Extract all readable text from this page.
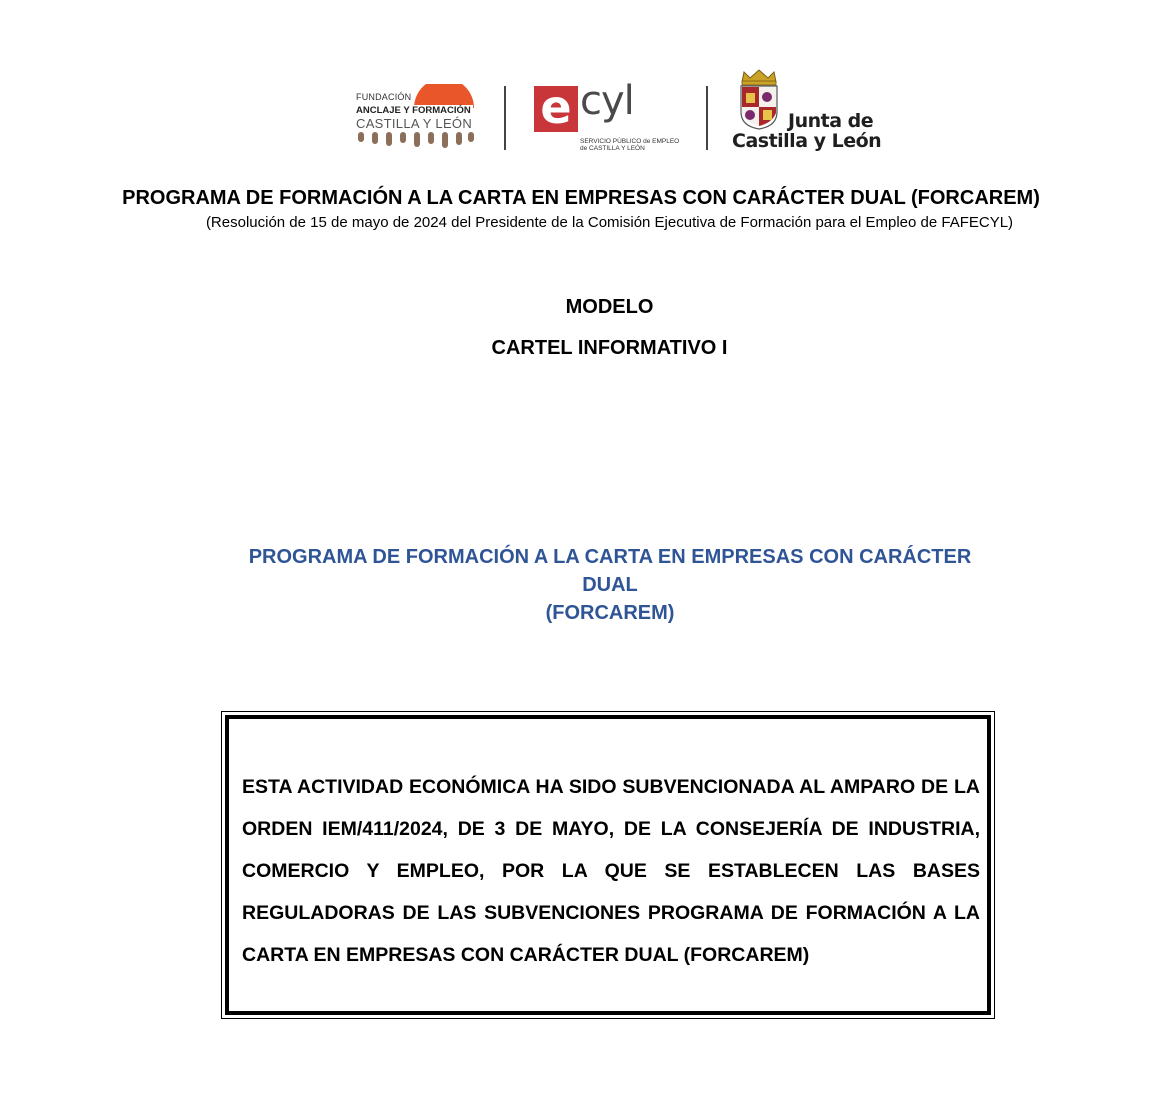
FUNDACIÓN
ANCLAJE Y FORMACIÓN
CASTILLA Y LEÓN e cyl
SERVICIO PÚBLICO de EMPLEO
de CASTILLA Y LEÓN
Junta de
Castilla y León
PROGRAMA DE FORMACIÓN A LA CARTA EN EMPRESAS CON CARÁCTER DUAL (FORCAREM)
(Resolución de 15 de mayo de 2024 del Presidente de la Comisión Ejecutiva de Formación para el Empleo de FAFECYL)
MODELO
CARTEL INFORMATIVO I
PROGRAMA DE FORMACIÓN A LA CARTA EN EMPRESAS CON CARÁCTER DUAL
(FORCAREM)
ESTA ACTIVIDAD ECONÓMICA HA SIDO SUBVENCIONADA AL AMPARO DE LA ORDEN IEM/411/2024, DE 3 DE MAYO, DE LA CONSEJERÍA DE INDUSTRIA, COMERCIO Y EMPLEO, POR LA QUE SE ESTABLECEN LAS BASES REGULADORAS DE LAS SUBVENCIONES PROGRAMA DE FORMACIÓN A LA CARTA EN EMPRESAS CON CARÁCTER DUAL (FORCAREM)
